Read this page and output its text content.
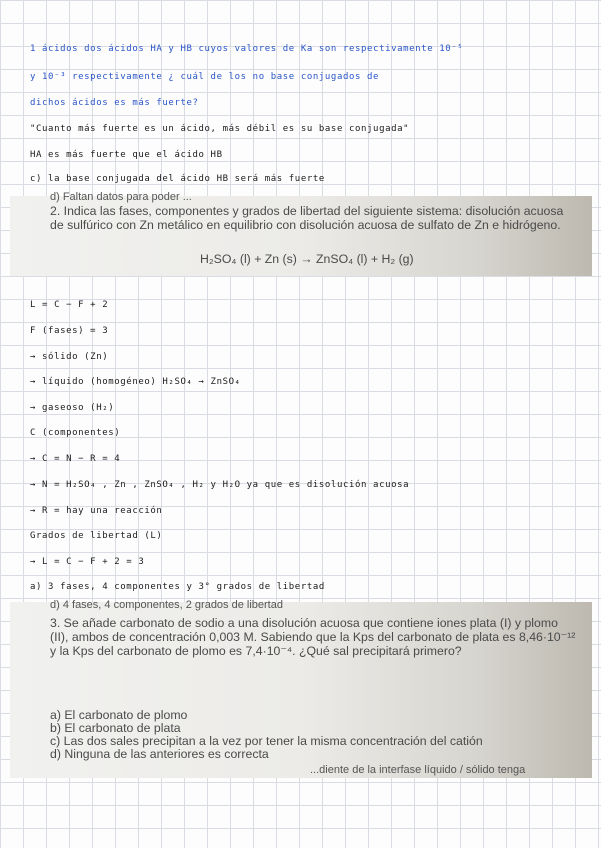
1 ácidos dos ácidos HA y HB cuyos valores de Ka son respectivamente 10⁻⁵
y 10⁻³ respectivamente ¿ cuál de los no base conjugados de
dichos ácidos es más fuerte?
"Cuanto más fuerte es un ácido, más débil es su base conjugada"
HA es más fuerte que el ácido HB
c) la base conjugada del ácido HB será más fuerte
d) Faltan datos para poder ...
2. Indica las fases, componentes y grados de libertad del siguiente sistema: disolución acuosa de sulfúrico con Zn metálico en equilibrio con disolución acuosa de sulfato de Zn e hidrógeno.
H₂SO₄ (l) + Zn (s) → ZnSO₄ (l) + H₂ (g)
L = C − F + 2
F (fases) = 3
→ sólido (Zn)
→ líquido (homogéneo) H₂SO₄ → ZnSO₄
→ gaseoso (H₂)
C (componentes)
→ C = N − R = 4
→ N = H₂SO₄ , Zn , ZnSO₄ , H₂ y H₂O ya que es disolución acuosa
→ R = hay una reacción
Grados de libertad (L)
→ L = C − F + 2 = 3
a) 3 fases, 4 componentes y 3° grados de libertad
d) 4 fases, 4 componentes, 2 grados de libertad
3. Se añade carbonato de sodio a una disolución acuosa que contiene iones plata (I) y plomo (II), ambos de concentración 0,003 M. Sabiendo que la Kps del carbonato de plata es 8,46·10⁻¹² y la Kps del carbonato de plomo es 7,4·10⁻⁴. ¿Qué sal precipitará primero?
a) El carbonato de plomo
b) El carbonato de plata
c) Las dos sales precipitan a la vez por tener la misma concentración del catión
d) Ninguna de las anteriores es correcta
...diente de la interfase líquido / sólido tenga
